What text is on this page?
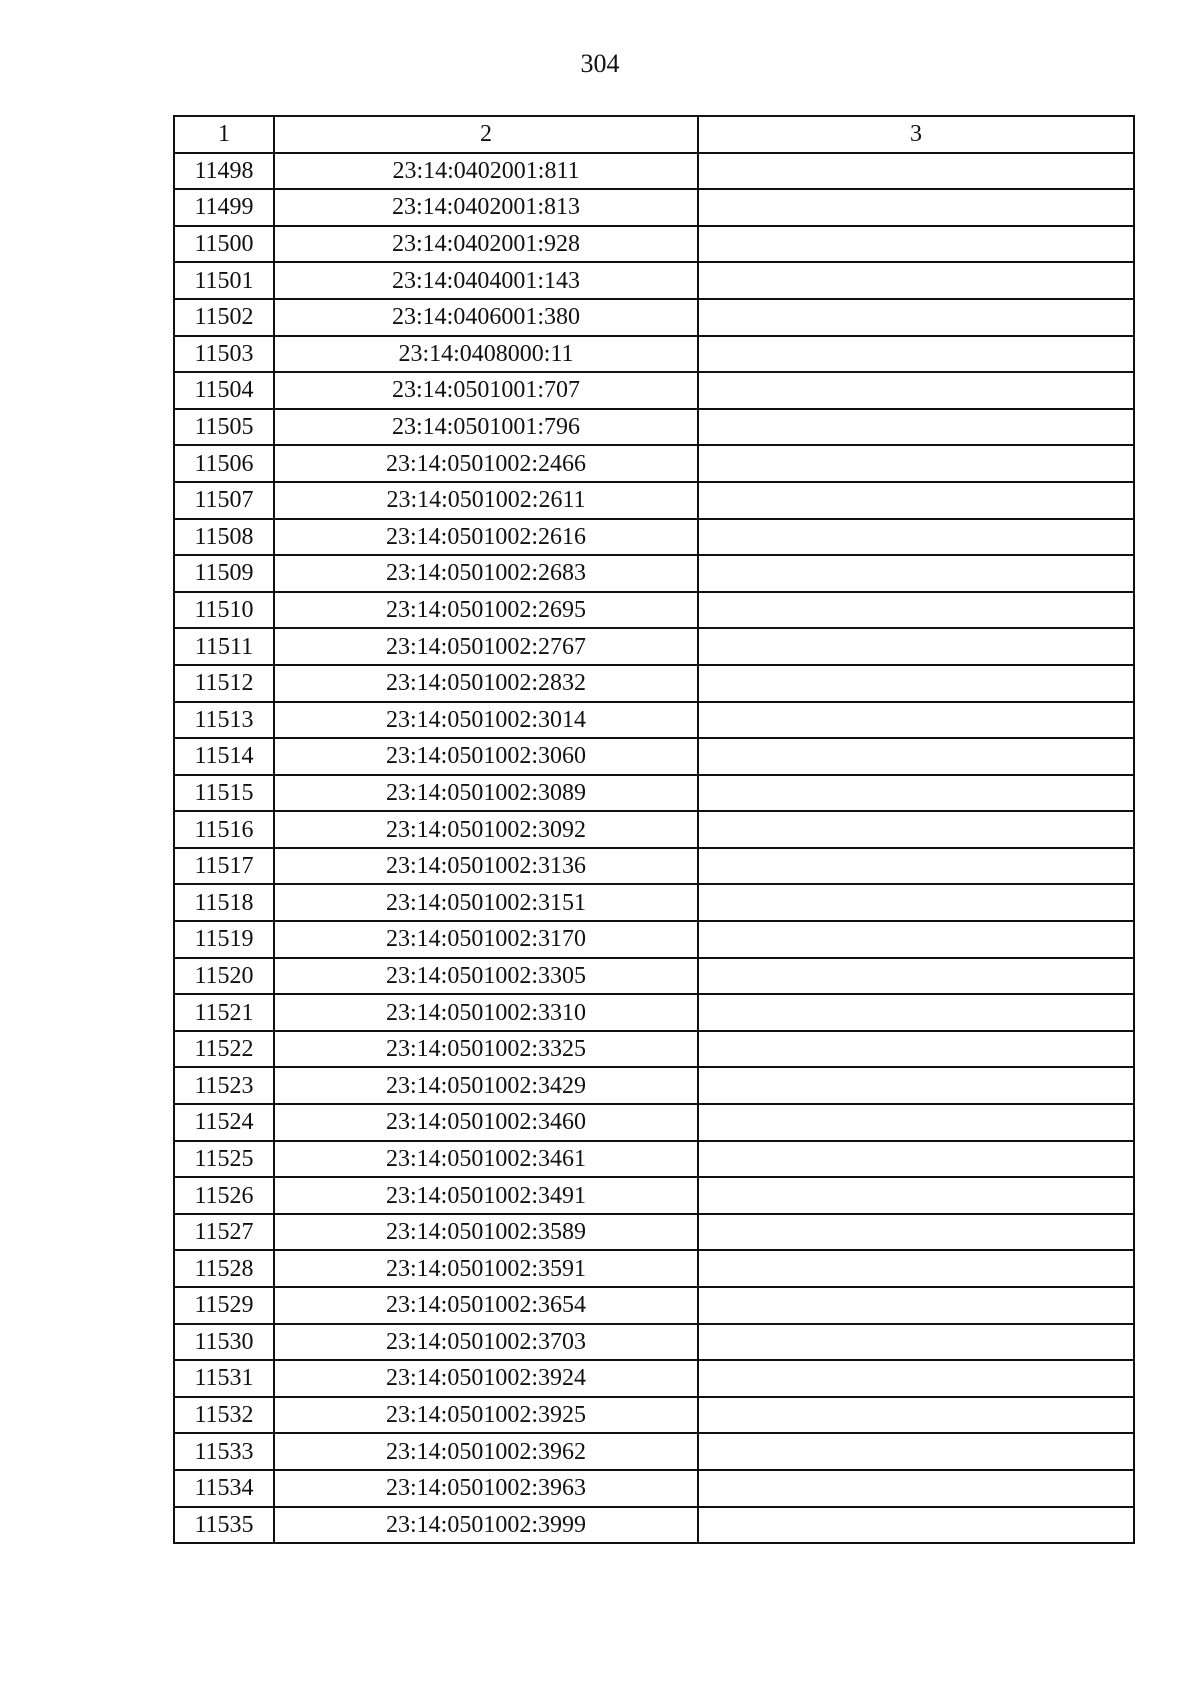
304
1	2	3
11498	23:14:0402001:811	
11499	23:14:0402001:813	
11500	23:14:0402001:928	
11501	23:14:0404001:143	
11502	23:14:0406001:380	
11503	23:14:0408000:11	
11504	23:14:0501001:707	
11505	23:14:0501001:796	
11506	23:14:0501002:2466	
11507	23:14:0501002:2611	
11508	23:14:0501002:2616	
11509	23:14:0501002:2683	
11510	23:14:0501002:2695	
11511	23:14:0501002:2767	
11512	23:14:0501002:2832	
11513	23:14:0501002:3014	
11514	23:14:0501002:3060	
11515	23:14:0501002:3089	
11516	23:14:0501002:3092	
11517	23:14:0501002:3136	
11518	23:14:0501002:3151	
11519	23:14:0501002:3170	
11520	23:14:0501002:3305	
11521	23:14:0501002:3310	
11522	23:14:0501002:3325	
11523	23:14:0501002:3429	
11524	23:14:0501002:3460	
11525	23:14:0501002:3461	
11526	23:14:0501002:3491	
11527	23:14:0501002:3589	
11528	23:14:0501002:3591	
11529	23:14:0501002:3654	
11530	23:14:0501002:3703	
11531	23:14:0501002:3924	
11532	23:14:0501002:3925	
11533	23:14:0501002:3962	
11534	23:14:0501002:3963	
11535	23:14:0501002:3999	
